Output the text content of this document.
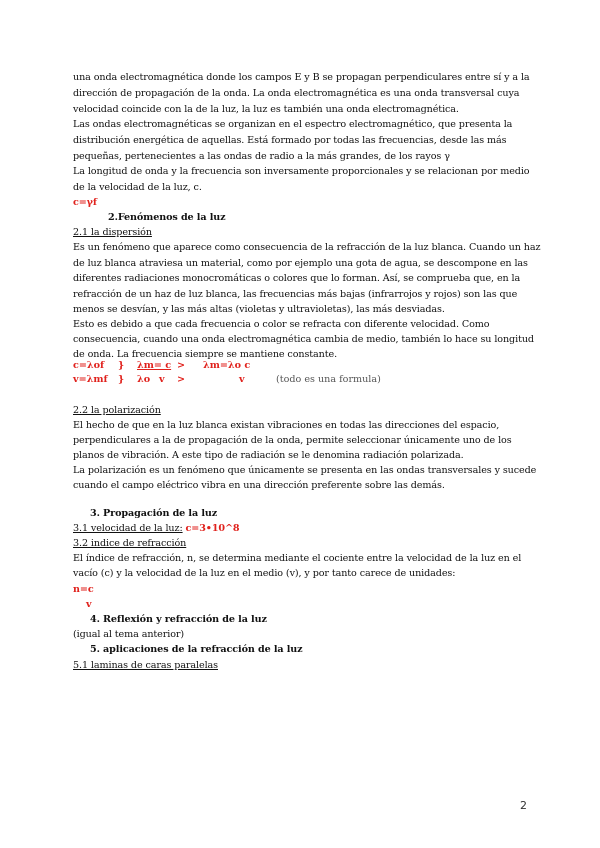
una onda electromagnética donde los campos E y B se propagan perpendiculares entre sí y a la
dirección de propagación de la onda. La onda electromagnética es una onda transversal cuya
velocidad coincide con la de la luz, la luz es también una onda electromagnética.
Las ondas electromagnéticas se organizan en el espectro electromagnético, que presenta la
distribución energética de aquellas. Está formado por todas las frecuencias, desde las más
pequeñas, pertenecientes a las ondas de radio a la más grandes, de los rayos γ
La longitud de onda y la frecuencia son inversamente proporcionales y se relacionan por medio
de la velocidad de la luz, c.
c=γf
2.Fenómenos de la luz
2.1 la dispersión
Es un fenómeno que aparece como consecuencia de la refracción de la luz blanca. Cuando un haz
de luz blanca atraviesa un material, como por ejemplo una gota de agua, se descompone en las
diferentes radiaciones monocromáticas o colores que lo forman. Así, se comprueba que, en la
refracción de un haz de luz blanca, las frecuencias más bajas (infrarrojos y rojos) son las que
menos se desvían, y las más altas (violetas y ultravioletas), las más desviadas.
Esto es debido a que cada frecuencia o color se refracta con diferente velocidad. Como
consecuencia, cuando una onda electromagnética cambia de medio, también lo hace su longitud
de onda. La frecuencia siempre se mantiene constante.
c=λof } λm= c > λm=λo c
v=λmf } λo v >	v	(todo es una formula)
2.2 la polarización
El hecho de que en la luz blanca existan vibraciones en todas las direcciones del espacio,
perpendiculares a la de propagación de la onda, permite seleccionar únicamente uno de los
planos de vibración. A este tipo de radiación se le denomina radiación polarizada.
La polarización es un fenómeno que únicamente se presenta en las ondas transversales y sucede
cuando el campo eléctrico vibra en una dirección preferente sobre las demás.
3. Propagación de la luz
3.1 velocidad de la luz: c=3•10^8
3.2 indice de refracción
El índice de refracción, n, se determina mediante el cociente entre la velocidad de la luz en el
vacío (c) y la velocidad de la luz en el medio (v), y por tanto carece de unidades:
n=c
v
4. Reflexión y refracción de la luz
(igual al tema anterior)
5. aplicaciones de la refracción de la luz
5.1 laminas de caras paralelas
2
